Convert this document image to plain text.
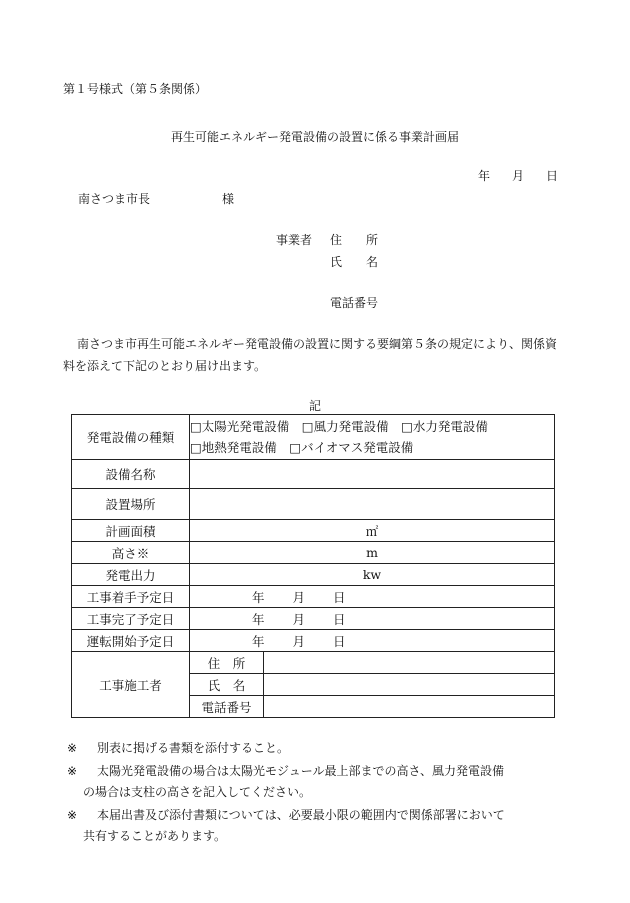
第１号様式（第５条関係）
再生可能エネルギー発電設備の設置に係る事業計画届
年 月 日
南さつま市長	様
事業者 住　　所
氏　　名
電話番号
南さつま市再生可能エネルギー発電設備の設置に関する要綱第５条の規定により、関係資料を添えて下記のとおり届け出ます。
記
発電設備の種類	□太陽光発電設備　□風力発電設備　□水力発電設備
□地熱発電設備　□バイオマス発電設備	

設備名称		
設置場所		
計画面積	㎡	
高さ※	m	
発電出力	kw	
工事着手予定日	年 月 日	

工事完了予定日	年 月 日	

運転開始予定日	年 月 日	

工事施工者	住　所	
	氏　名	
	電話番号	
※ 別表に掲げる書類を添付すること。
※ 太陽光発電設備の場合は太陽光モジュール最上部までの高さ、風力発電設備
の場合は支柱の高さを記入してください。
※ 本届出書及び添付書類については、必要最小限の範囲内で関係部署において
共有することがあります。
